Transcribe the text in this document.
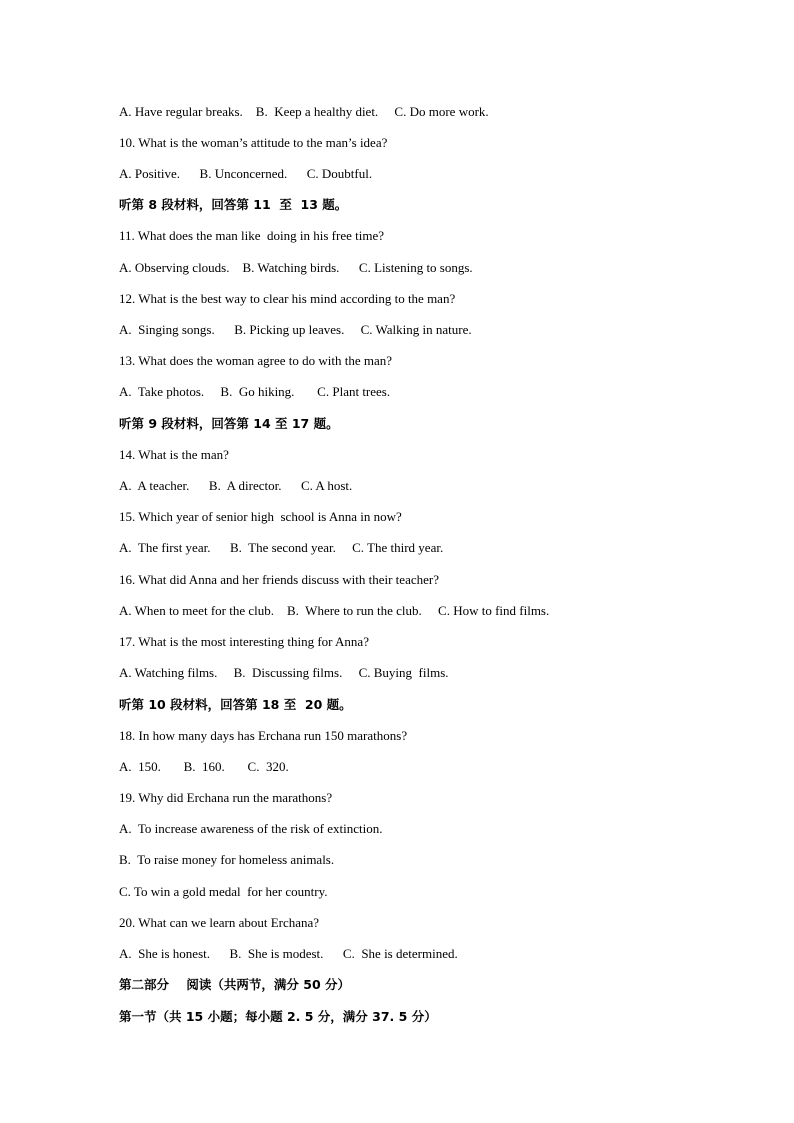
A. Have regular breaks.    B.  Keep a healthy diet.     C. Do more work.
10. What is the woman’s attitude to the man’s idea?
A. Positive.      B. Unconcerned.      C. Doubtful.
听第 8 段材料，回答第 11  至  13 题。
11. What does the man like  doing in his free time?
A. Observing clouds.    B. Watching birds.      C. Listening to songs.
12. What is the best way to clear his mind according to the man?
A.  Singing songs.      B. Picking up leaves.     C. Walking in nature.
13. What does the woman agree to do with the man?
A.  Take photos.     B.  Go hiking.       C. Plant trees.
听第 9 段材料，回答第 14 至 17 题。
14. What is the man?
A.  A teacher.      B.  A director.      C. A host.
15. Which year of senior high  school is Anna in now?
A.  The first year.      B.  The second year.     C. The third year.
16. What did Anna and her friends discuss with their teacher?
A. When to meet for the club.    B.  Where to run the club.     C. How to find films.
17. What is the most interesting thing for Anna?
A. Watching films.     B.  Discussing films.     C. Buying  films.
听第 10 段材料，回答第 18 至  20 题。
18. In how many days has Erchana run 150 marathons?
A.  150.       B.  160.       C.  320.
19. Why did Erchana run the marathons?
A.  To increase awareness of the risk of extinction.
B.  To raise money for homeless animals.
C. To win a gold medal  for her country.
20. What can we learn about Erchana?
A.  She is honest.      B.  She is modest.      C.  She is determined.
第二部分    阅读（共两节，满分 50 分）
第一节（共 15 小题；每小题 2. 5 分，满分 37. 5 分）
